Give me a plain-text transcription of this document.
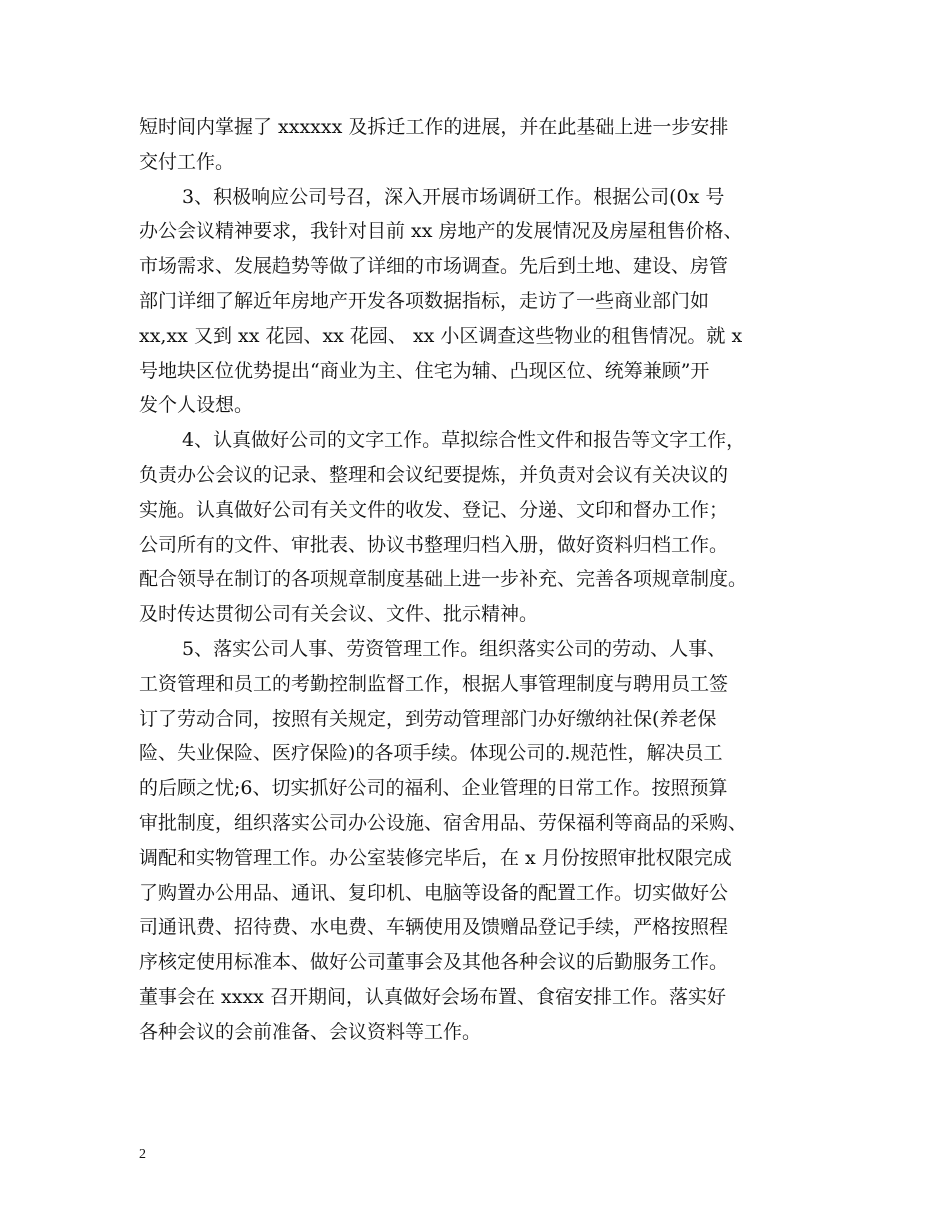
短时间内掌握了 xxxxxx 及拆迁工作的进展，并在此基础上进一步安排
交付工作。
3、积极响应公司号召，深入开展市场调研工作。根据公司(0x 号
办公会议精神要求，我针对目前 xx 房地产的发展情况及房屋租售价格、
市场需求、发展趋势等做了详细的市场调查。先后到土地、建设、房管
部门详细了解近年房地产开发各项数据指标，走访了一些商业部门如
xx,xx 又到 xx 花园、xx 花园、 xx 小区调查这些物业的租售情况。就 x
号地块区位优势提出“商业为主、住宅为辅、凸现区位、统筹兼顾”开
发个人设想。
4、认真做好公司的文字工作。草拟综合性文件和报告等文字工作，
负责办公会议的记录、整理和会议纪要提炼，并负责对会议有关决议的
实施。认真做好公司有关文件的收发、登记、分递、文印和督办工作；
公司所有的文件、审批表、协议书整理归档入册，做好资料归档工作。
配合领导在制订的各项规章制度基础上进一步补充、完善各项规章制度。
及时传达贯彻公司有关会议、文件、批示精神。
5、落实公司人事、劳资管理工作。组织落实公司的劳动、人事、
工资管理和员工的考勤控制监督工作，根据人事管理制度与聘用员工签
订了劳动合同，按照有关规定，到劳动管理部门办好缴纳社保(养老保
险、失业保险、医疗保险)的各项手续。体现公司的.规范性，解决员工
的后顾之忧;6、切实抓好公司的福利、企业管理的日常工作。按照预算
审批制度，组织落实公司办公设施、宿舍用品、劳保福利等商品的采购、
调配和实物管理工作。办公室装修完毕后，在 x 月份按照审批权限完成
了购置办公用品、通讯、复印机、电脑等设备的配置工作。切实做好公
司通讯费、招待费、水电费、车辆使用及馈赠品登记手续，严格按照程
序核定使用标准本、做好公司董事会及其他各种会议的后勤服务工作。
董事会在 xxxx 召开期间，认真做好会场布置、食宿安排工作。落实好
各种会议的会前准备、会议资料等工作。
2
